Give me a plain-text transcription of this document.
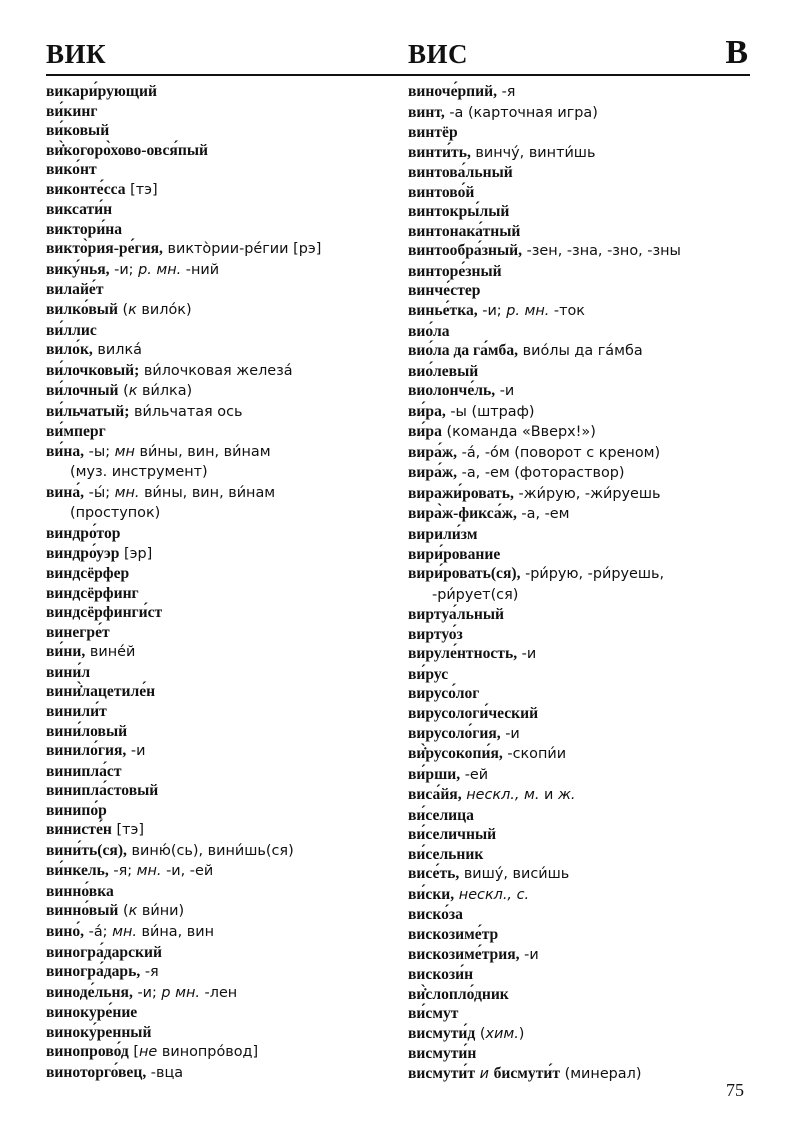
ВИК	ВИС	В
викари́рующий
ви́кинг
ви́ковый
ви̇̀когоро̀хово-овся́пый
вико́нт
виконте́сса [тэ]
виксати́н
виктори́на
викто̀рия-ре́гия, викто̀рии-ре́гии [рэ]
вику́нья, -и; р. мн. -ний
вилайе́т
вилко́вый (к вило́к)
ви́ллис
вило́к, вилка́
ви́лочковый; ви́лочковая железа́
ви́лочный (к ви́лка)
ви́льчатый; ви́льчатая ось
ви́мперг
ви́на, -ы; мн ви́ны, вин, ви́нам
(муз. инструмент)
вина́, -ы́; мн. ви́ны, вин, ви́нам
(проступок)
виндро́тор
виндро́уэр [эр]
виндсёрфер
виндсёрфинг
виндсёрфинги́ст
винегре́т
ви́ни, вине́й
вини́л
вини̇̀лацетиле́н
винили́т
вини́ловый
винило́гия, -и
винипла́ст
винипла́стовый
винипо́р
винисте́н [тэ]
вини́ть(ся), виню́(сь), вини́шь(ся)
ви́нкель, -я; мн. -и, -ей
винно́вка
винно́вый (к ви́ни)
вино́, -а́; мн. ви́на, вин
виногра́дарский
виногра́дарь, -я
виноде́льня, -и; р мн. -лен
винокуре́ние
виноку́ренный
винопрово́д [не винопро́вод]
виноторго́вец, -вца
виноче́рпий, -я
винт, -а (карточная игра)
винтёр
винти́ть, винчу́, винти́шь
винтова́льный
винтово́й
винтокры́лый
винтонака́тный
винтообра́зный, -зен, -зна, -зно, -зны
винторе́зный
винче́стер
винье́тка, -и; р. мн. -ток
вио́ла
вио́ла да га́мба, вио́лы да га́мба
вио́левый
виолонче́ль, -и
ви́ра, -ы (штраф)
ви́ра (команда «Вверх!»)
вира́ж, -а́, -о́м (поворот с креном)
вира́ж, -а, -ем (фотораствор)
виражи́ровать, -жи́рую, -жи́руешь
вира̀ж-фикса́ж, -а, -ем
вирили́зм
вири́рование
вири́ровать(ся), -ри́рую, -ри́руешь,
-ри́рует(ся)
виртуа́льный
виртуо́з
вируле́нтность, -и
ви́рус
вирусо́лог
вирусологи́ческий
вирусоло́гия, -и
ви̇̀русокопи́я, -скопи́и
ви́рши, -ей
виса́йя, нескл., м. и ж.
ви́селица
ви́селичный
ви́сельник
висе́ть, вишу́, виси́шь
ви́ски, нескл., с.
виско́за
вискозиме́тр
вискозиме́трия, -и
вискози́н
ви̇̀слопло́дник
ви́смут
висмути́д (хим.)
висмути́н
висмути́т и бисмути́т (минерал)
75
